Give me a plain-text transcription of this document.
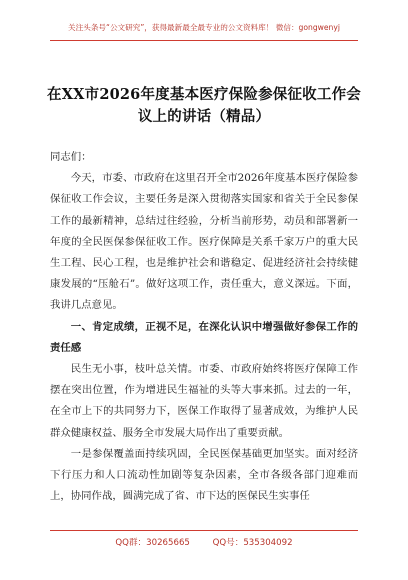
关注头条号“公文研究”，获得最新最全最专业的公文资料库！ 微信：gongwenyj
在XX市2026年度基本医疗保险参保征收工作会议上的讲话（精品）

同志们：

今天，市委、市政府在这里召开全市2026年度基本医疗保险参保征收工作会议，主要任务是深入贯彻落实国家和省关于全民参保工作的最新精神，总结过往经验，分析当前形势，动员和部署新一年度的全民医保参保征收工作。医疗保障是关系千家万户的重大民生工程、民心工程，也是维护社会和谐稳定、促进经济社会持续健康发展的“压舱石”。做好这项工作，责任重大，意义深远。下面，我讲几点意见。

一、肯定成绩，正视不足，在深化认识中增强做好参保工作的责任感

民生无小事，枝叶总关情。市委、市政府始终将医疗保障工作摆在突出位置，作为增进民生福祉的头等大事来抓。过去的一年，在全市上下的共同努力下，医保工作取得了显著成效，为维护人民群众健康权益、服务全市发展大局作出了重要贡献。

一是参保覆盖面持续巩固，全民医保基础更加坚实。面对经济下行压力和人口流动性加剧等复杂因素，全市各级各部门迎难而上，协同作战，圆满完成了省、市下达的医保民生实事任

QQ群：30265665	QQ号：535304092
